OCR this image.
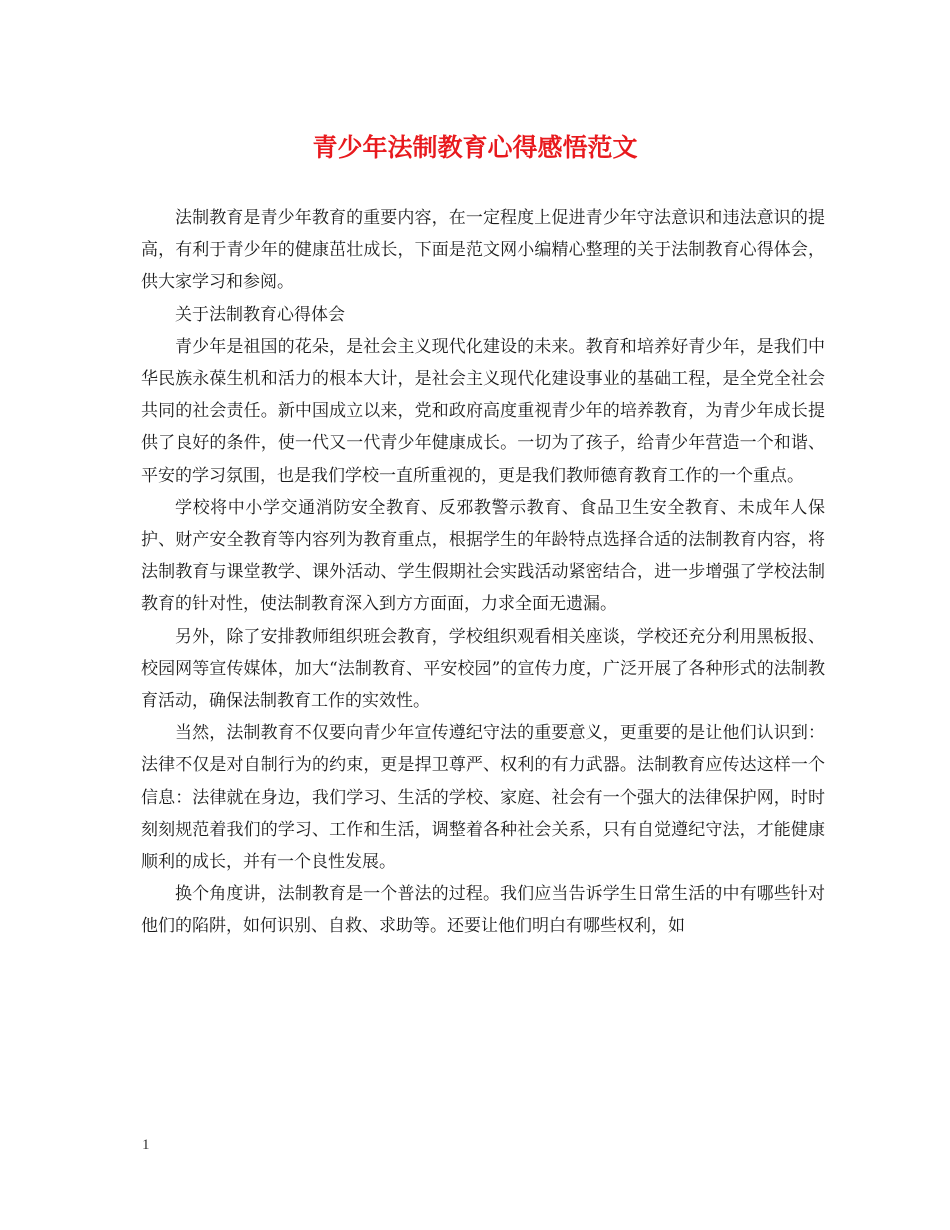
青少年法制教育心得感悟范文

法制教育是青少年教育的重要内容，在一定程度上促进青少年守法意识和违法意识的提高，有利于青少年的健康茁壮成长，下面是范文网小编精心整理的关于法制教育心得体会，供大家学习和参阅。

关于法制教育心得体会

青少年是祖国的花朵，是社会主义现代化建设的未来。教育和培养好青少年，是我们中华民族永葆生机和活力的根本大计，是社会主义现代化建设事业的基础工程，是全党全社会共同的社会责任。新中国成立以来，党和政府高度重视青少年的培养教育，为青少年成长提供了良好的条件，使一代又一代青少年健康成长。一切为了孩子，给青少年营造一个和谐、平安的学习氛围，也是我们学校一直所重视的，更是我们教师德育教育工作的一个重点。

学校将中小学交通消防安全教育、反邪教警示教育、食品卫生安全教育、未成年人保护、财产安全教育等内容列为教育重点，根据学生的年龄特点选择合适的法制教育内容，将法制教育与课堂教学、课外活动、学生假期社会实践活动紧密结合，进一步增强了学校法制教育的针对性，使法制教育深入到方方面面，力求全面无遗漏。

另外，除了安排教师组织班会教育，学校组织观看相关座谈，学校还充分利用黑板报、校园网等宣传媒体，加大“法制教育、平安校园”的宣传力度，广泛开展了各种形式的法制教育活动，确保法制教育工作的实效性。

当然，法制教育不仅要向青少年宣传遵纪守法的重要意义，更重要的是让他们认识到：法律不仅是对自制行为的约束，更是捍卫尊严、权利的有力武器。法制教育应传达这样一个信息：法律就在身边，我们学习、生活的学校、家庭、社会有一个强大的法律保护网，时时刻刻规范着我们的学习、工作和生活，调整着各种社会关系，只有自觉遵纪守法，才能健康顺利的成长，并有一个良性发展。

换个角度讲，法制教育是一个普法的过程。我们应当告诉学生日常生活的中有哪些针对他们的陷阱，如何识别、自救、求助等。还要让他们明白有哪些权利，如

1
